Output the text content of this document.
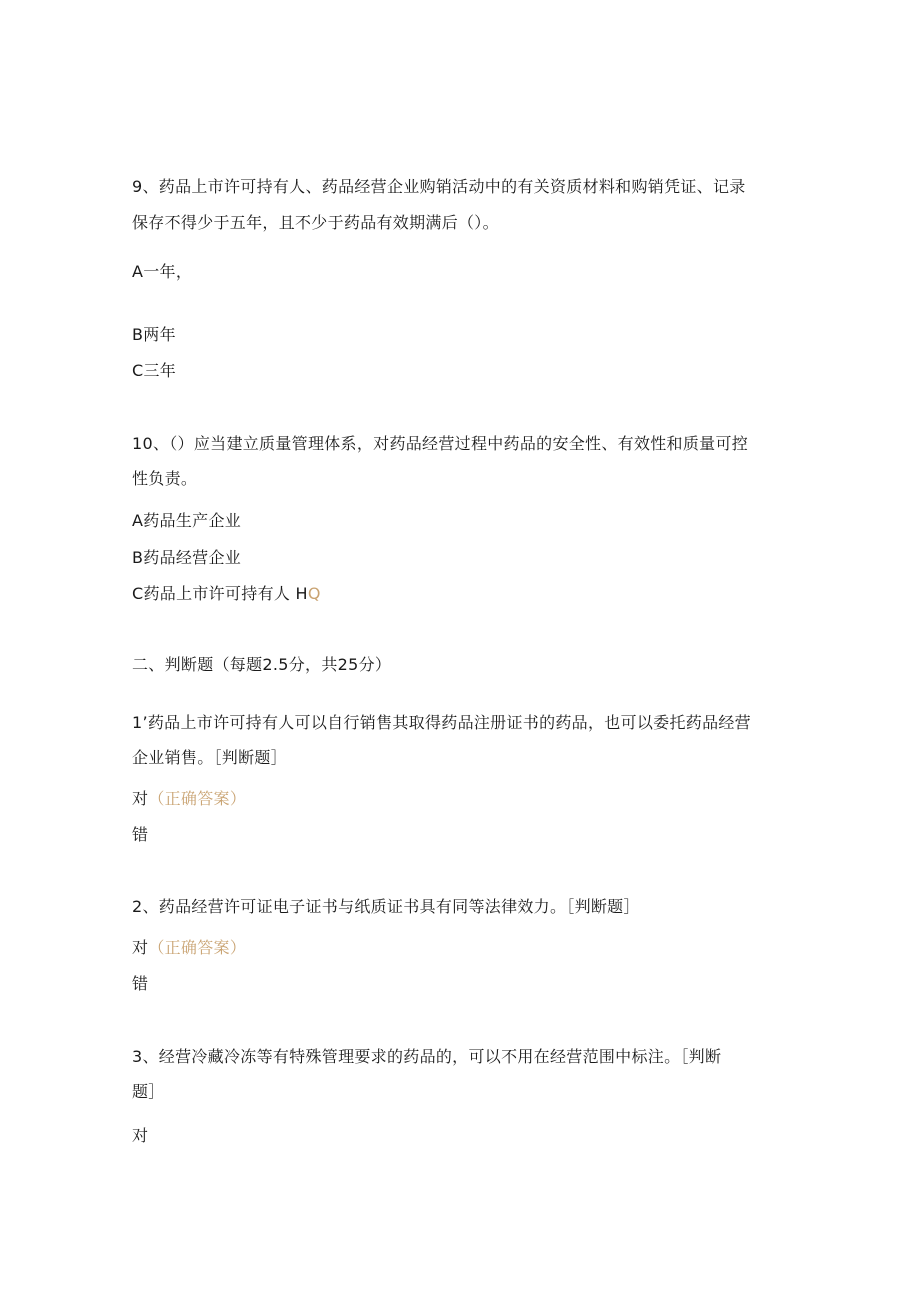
9、药品上市许可持有人、药品经营企业购销活动中的有关资质材料和购销凭证、记录
保存不得少于五年，且不少于药品有效期满后（）。
A一年，
B两年
C三年
10、（）应当建立质量管理体系，对药品经营过程中药品的安全性、有效性和质量可控
性负责。
A药品生产企业
B药品经营企业
C药品上市许可持有人 HQ
二、判断题（每题2.5分，共25分）
1’药品上市许可持有人可以自行销售其取得药品注册证书的药品，也可以委托药品经营
企业销售。［判断题］
对（正确答案）
错
2、药品经营许可证电子证书与纸质证书具有同等法律效力。［判断题］
对（正确答案）
错
3、经营冷藏冷冻等有特殊管理要求的药品的，可以不用在经营范围中标注。［判断
题］
对
